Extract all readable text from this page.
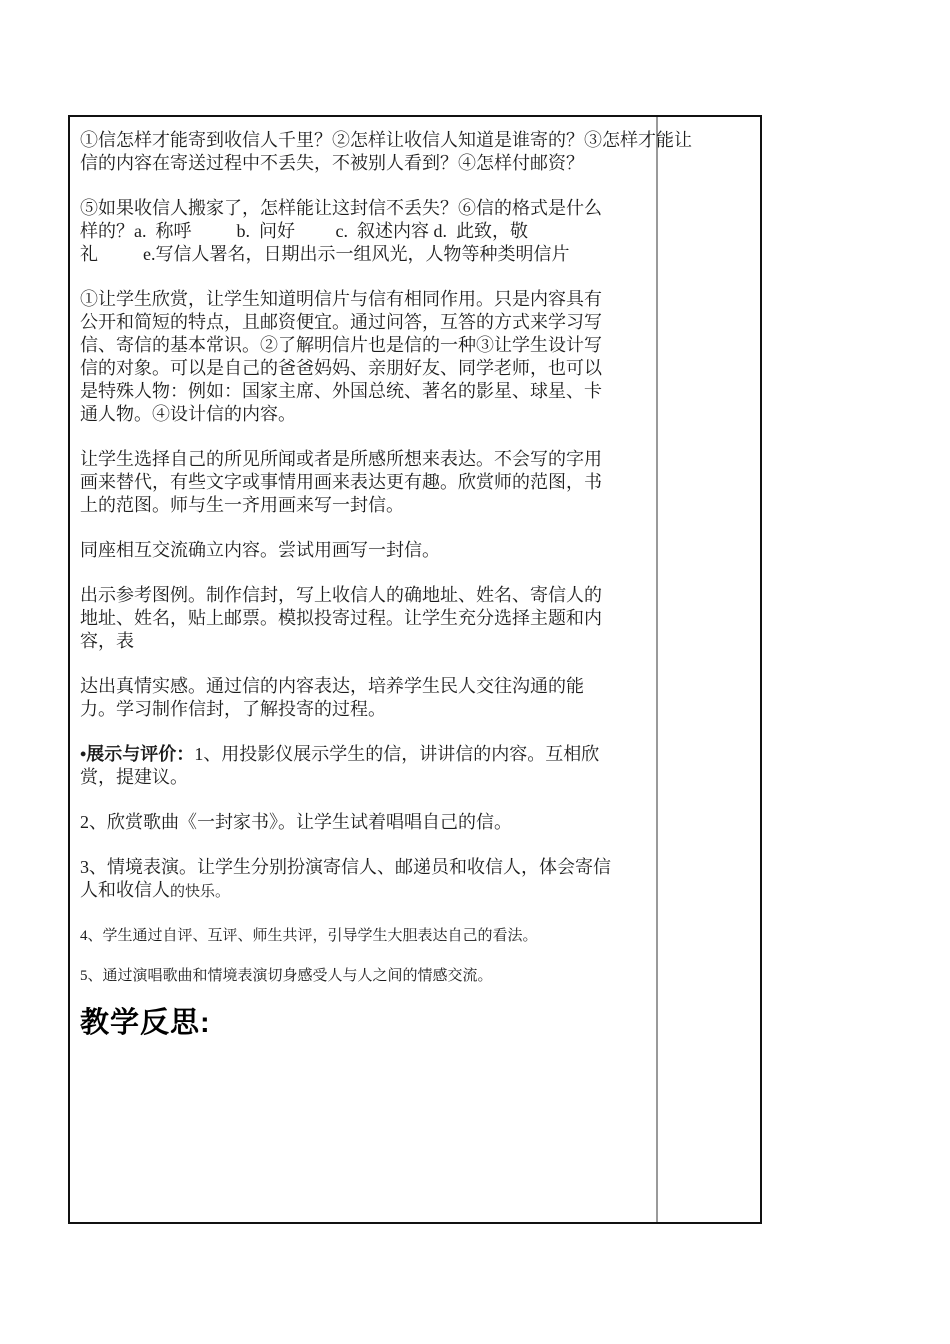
①信怎样才能寄到收信人千里？②怎样让收信人知道是谁寄的？③怎样才能让
信的内容在寄送过程中不丢失，不被别人看到？④怎样付邮资？
⑤如果收信人搬家了，怎样能让这封信不丢失？⑥信的格式是什么
样的？a.  称呼　　  b.  问好　　 c.  叙述内容 d.  此致，敬
礼　　  e.写信人署名，日期出示一组风光，人物等种类明信片
①让学生欣赏，让学生知道明信片与信有相同作用。只是内容具有
公开和简短的特点，且邮资便宜。通过问答，互答的方式来学习写
信、寄信的基本常识。②了解明信片也是信的一种③让学生设计写
信的对象。可以是自己的爸爸妈妈、亲朋好友、同学老师，也可以
是特殊人物：例如：国家主席、外国总统、著名的影星、球星、卡
通人物。④设计信的内容。
让学生选择自己的所见所闻或者是所感所想来表达。不会写的字用
画来替代，有些文字或事情用画来表达更有趣。欣赏师的范图，书
上的范图。师与生一齐用画来写一封信。
同座相互交流确立内容。尝试用画写一封信。
出示参考图例。制作信封，写上收信人的确地址、姓名、寄信人的
地址、姓名，贴上邮票。模拟投寄过程。让学生充分选择主题和内
容，表
达出真情实感。通过信的内容表达，培养学生民人交往沟通的能
力。学习制作信封，了解投寄的过程。
•展示与评价：1、用投影仪展示学生的信，讲讲信的内容。互相欣
赏，提建议。
2、欣赏歌曲《一封家书》。让学生试着唱唱自己的信。
3、情境表演。让学生分别扮演寄信人、邮递员和收信人，体会寄信
人和收信人的快乐。
4、学生通过自评、互评、师生共评，引导学生大胆表达自己的看法。
5、通过演唱歌曲和情境表演切身感受人与人之间的情感交流。
教学反思:
